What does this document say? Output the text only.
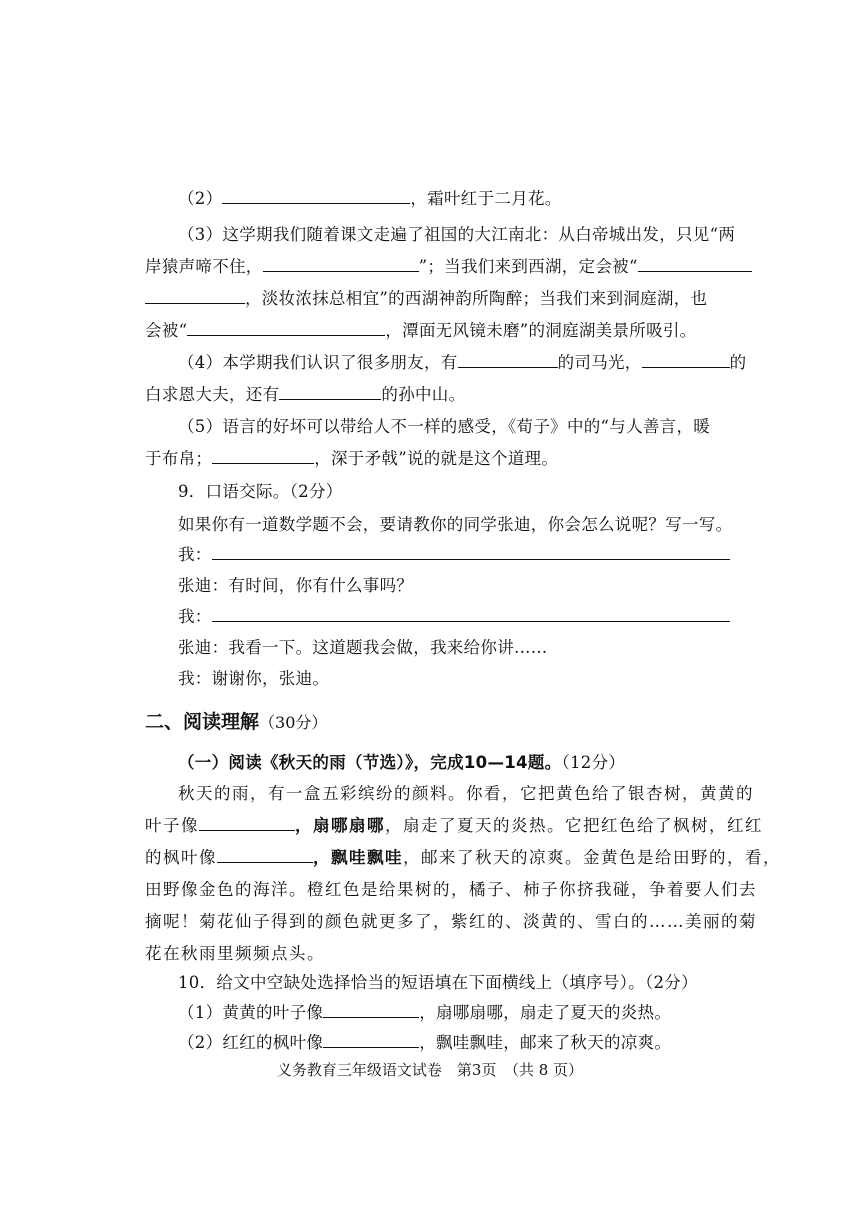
（2）	，霜叶红于二月花。
（3）这学期我们随着课文走遍了祖国的大江南北：从白帝城出发，只见“两
岸猿声啼不住，	”；当我们来到西湖，定会被“
，淡妆浓抹总相宜”的西湖神韵所陶醉；当我们来到洞庭湖，也
会被“	，潭面无风镜未磨”的洞庭湖美景所吸引。
（4）本学期我们认识了很多朋友，有	的司马光，	的
白求恩大夫，还有	的孙中山。
（5）语言的好坏可以带给人不一样的感受，《荀子》中的“与人善言，暖
于布帛；	，深于矛戟”说的就是这个道理。
9．口语交际。（2分）
如果你有一道数学题不会，要请教你的同学张迪，你会怎么说呢？写一写。
我：
张迪：有时间，你有什么事吗？
我：
张迪：我看一下。这道题我会做，我来给你讲……
我：谢谢你，张迪。
二、阅读理解（30分）
（一）阅读《秋天的雨（节选）》，完成10—14题。（12分）
秋天的雨，有一盒五彩缤纷的颜料。你看，它把黄色给了银杏树，黄黄的
叶子像	，扇哪扇哪，扇走了夏天的炎热。它把红色给了枫树，红红
的枫叶像	，飘哇飘哇，邮来了秋天的凉爽。金黄色是给田野的，看，
田野像金色的海洋。橙红色是给果树的，橘子、柿子你挤我碰，争着要人们去
摘呢！菊花仙子得到的颜色就更多了，紫红的、淡黄的、雪白的……美丽的菊
花在秋雨里频频点头。
10．给文中空缺处选择恰当的短语填在下面横线上（填序号）。（2分）
（1）黄黄的叶子像	，扇哪扇哪，扇走了夏天的炎热。
（2）红红的枫叶像	，飘哇飘哇，邮来了秋天的凉爽。
义务教育三年级语文试卷　第3页　（共 8 页）
